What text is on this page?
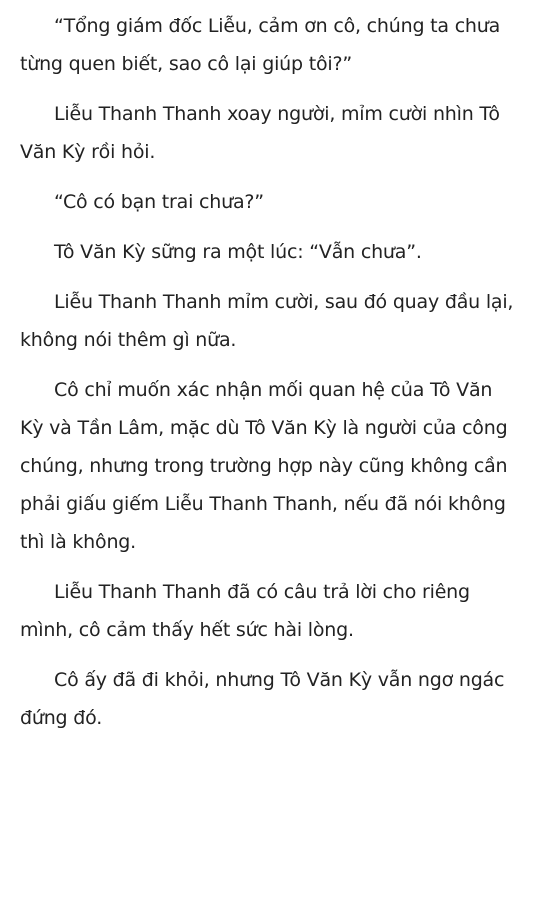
“Tổng giám đốc Liễu, cảm ơn cô, chúng ta chưa từng quen biết, sao cô lại giúp tôi?”

Liễu Thanh Thanh xoay người, mỉm cười nhìn Tô Văn Kỳ rồi hỏi.

“Cô có bạn trai chưa?”

Tô Văn Kỳ sững ra một lúc: “Vẫn chưa”.

Liễu Thanh Thanh mỉm cười, sau đó quay đầu lại, không nói thêm gì nữa.

Cô chỉ muốn xác nhận mối quan hệ của Tô Văn Kỳ và Tần Lâm, mặc dù Tô Văn Kỳ là người của công chúng, nhưng trong trường hợp này cũng không cần phải giấu giếm Liễu Thanh Thanh, nếu đã nói không thì là không.

Liễu Thanh Thanh đã có câu trả lời cho riêng mình, cô cảm thấy hết sức hài lòng.

Cô ấy đã đi khỏi, nhưng Tô Văn Kỳ vẫn ngơ ngác đứng đó.
